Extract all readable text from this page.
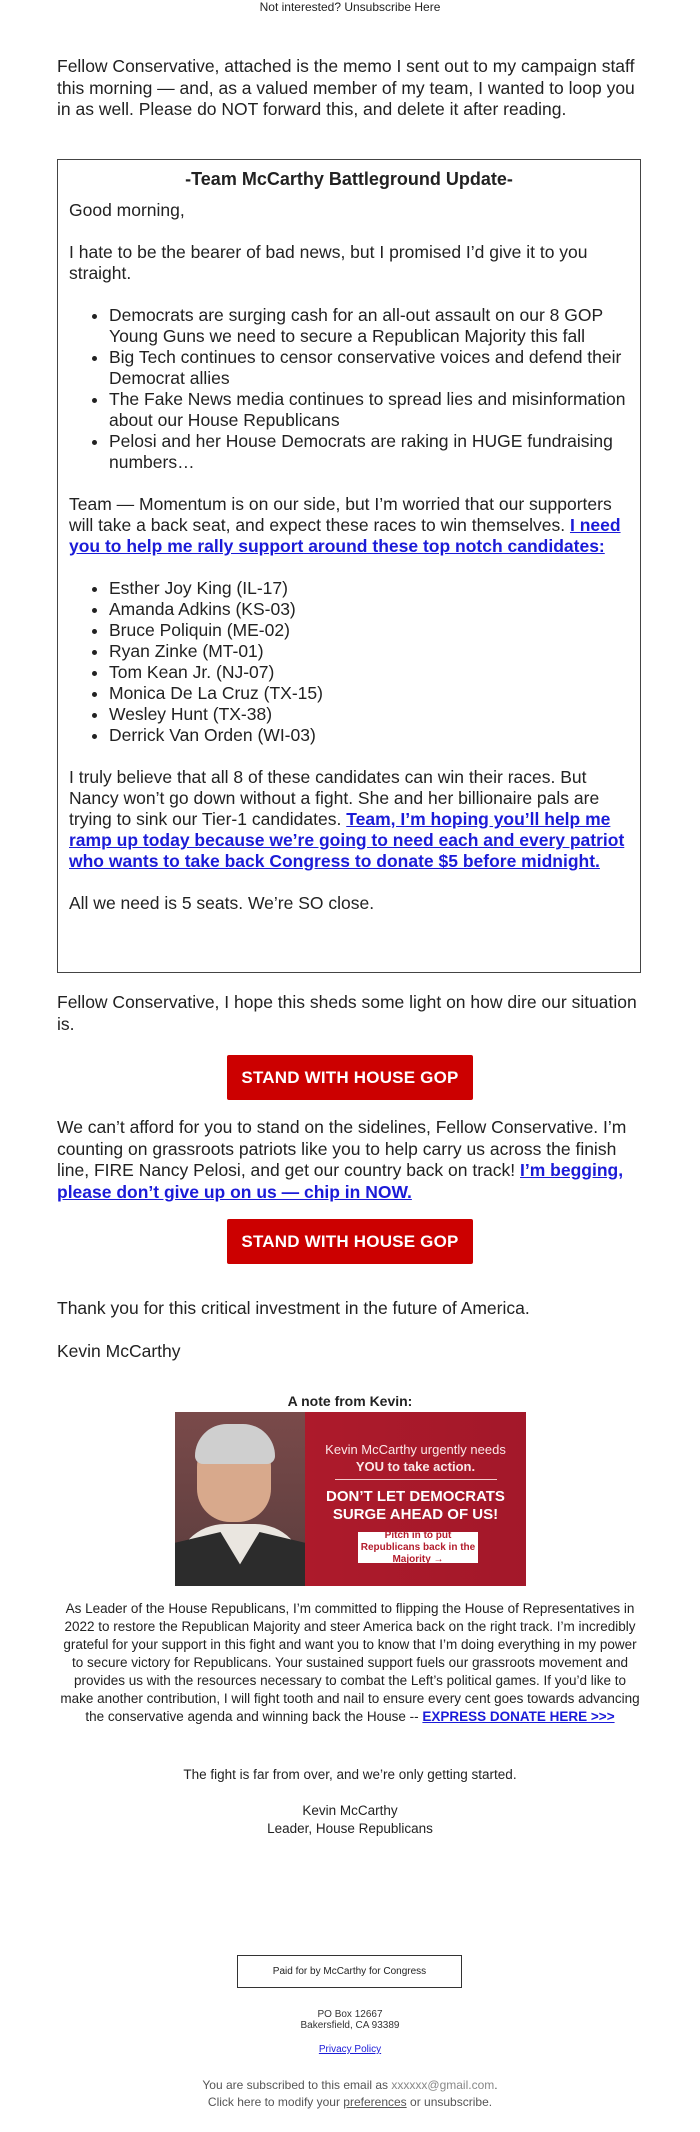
Not interested? Unsubscribe Here

Fellow Conservative, attached is the memo I sent out to my campaign staff this morning — and, as a valued member of my team, I wanted to loop you in as well. Please do NOT forward this, and delete it after reading.

-Team McCarthy Battleground Update-

Good morning,

I hate to be the bearer of bad news, but I promised I’d give it to you straight.

• Democrats are surging cash for an all-out assault on our 8 GOP Young Guns we need to secure a Republican Majority this fall
• Big Tech continues to censor conservative voices and defend their Democrat allies
• The Fake News media continues to spread lies and misinformation about our House Republicans
• Pelosi and her House Democrats are raking in HUGE fundraising numbers…

Team — Momentum is on our side, but I’m worried that our supporters will take a back seat, and expect these races to win themselves. I need you to help me rally support around these top notch candidates:

• Esther Joy King (IL-17)
• Amanda Adkins (KS-03)
• Bruce Poliquin (ME-02)
• Ryan Zinke (MT-01)
• Tom Kean Jr. (NJ-07)
• Monica De La Cruz (TX-15)
• Wesley Hunt (TX-38)
• Derrick Van Orden (WI-03)

I truly believe that all 8 of these candidates can win their races. But Nancy won’t go down without a fight. She and her billionaire pals are trying to sink our Tier-1 candidates. Team, I’m hoping you’ll help me ramp up today because we’re going to need each and every patriot who wants to take back Congress to donate $5 before midnight.

All we need is 5 seats. We’re SO close.

Fellow Conservative, I hope this sheds some light on how dire our situation is.

STAND WITH HOUSE GOP

We can’t afford for you to stand on the sidelines, Fellow Conservative. I’m counting on grassroots patriots like you to help carry us across the finish line, FIRE Nancy Pelosi, and get our country back on track! I’m begging, please don’t give up on us — chip in NOW.

STAND WITH HOUSE GOP

Thank you for this critical investment in the future of America.

Kevin McCarthy

A note from Kevin:
Kevin McCarthy urgently needs
YOU to take action.
DON’T LET DEMOCRATS SURGE AHEAD OF US!
Pitch in to put Republicans back in the Majority →

As Leader of the House Republicans, I’m committed to flipping the House of Representatives in 2022 to restore the Republican Majority and steer America back on the right track. I’m incredibly grateful for your support in this fight and want you to know that I’m doing everything in my power to secure victory for Republicans. Your sustained support fuels our grassroots movement and provides us with the resources necessary to combat the Left’s political games. If you’d like to make another contribution, I will fight tooth and nail to ensure every cent goes towards advancing the conservative agenda and winning back the House -- EXPRESS DONATE HERE >>>

The fight is far from over, and we’re only getting started.

Kevin McCarthy

Leader, House Republicans

Paid for by McCarthy for Congress
PO Box 12667
Bakersfield, CA 93389
Privacy Policy
You are subscribed to this email as xxxxxx@gmail.com.
Click here to modify your preferences or unsubscribe.
